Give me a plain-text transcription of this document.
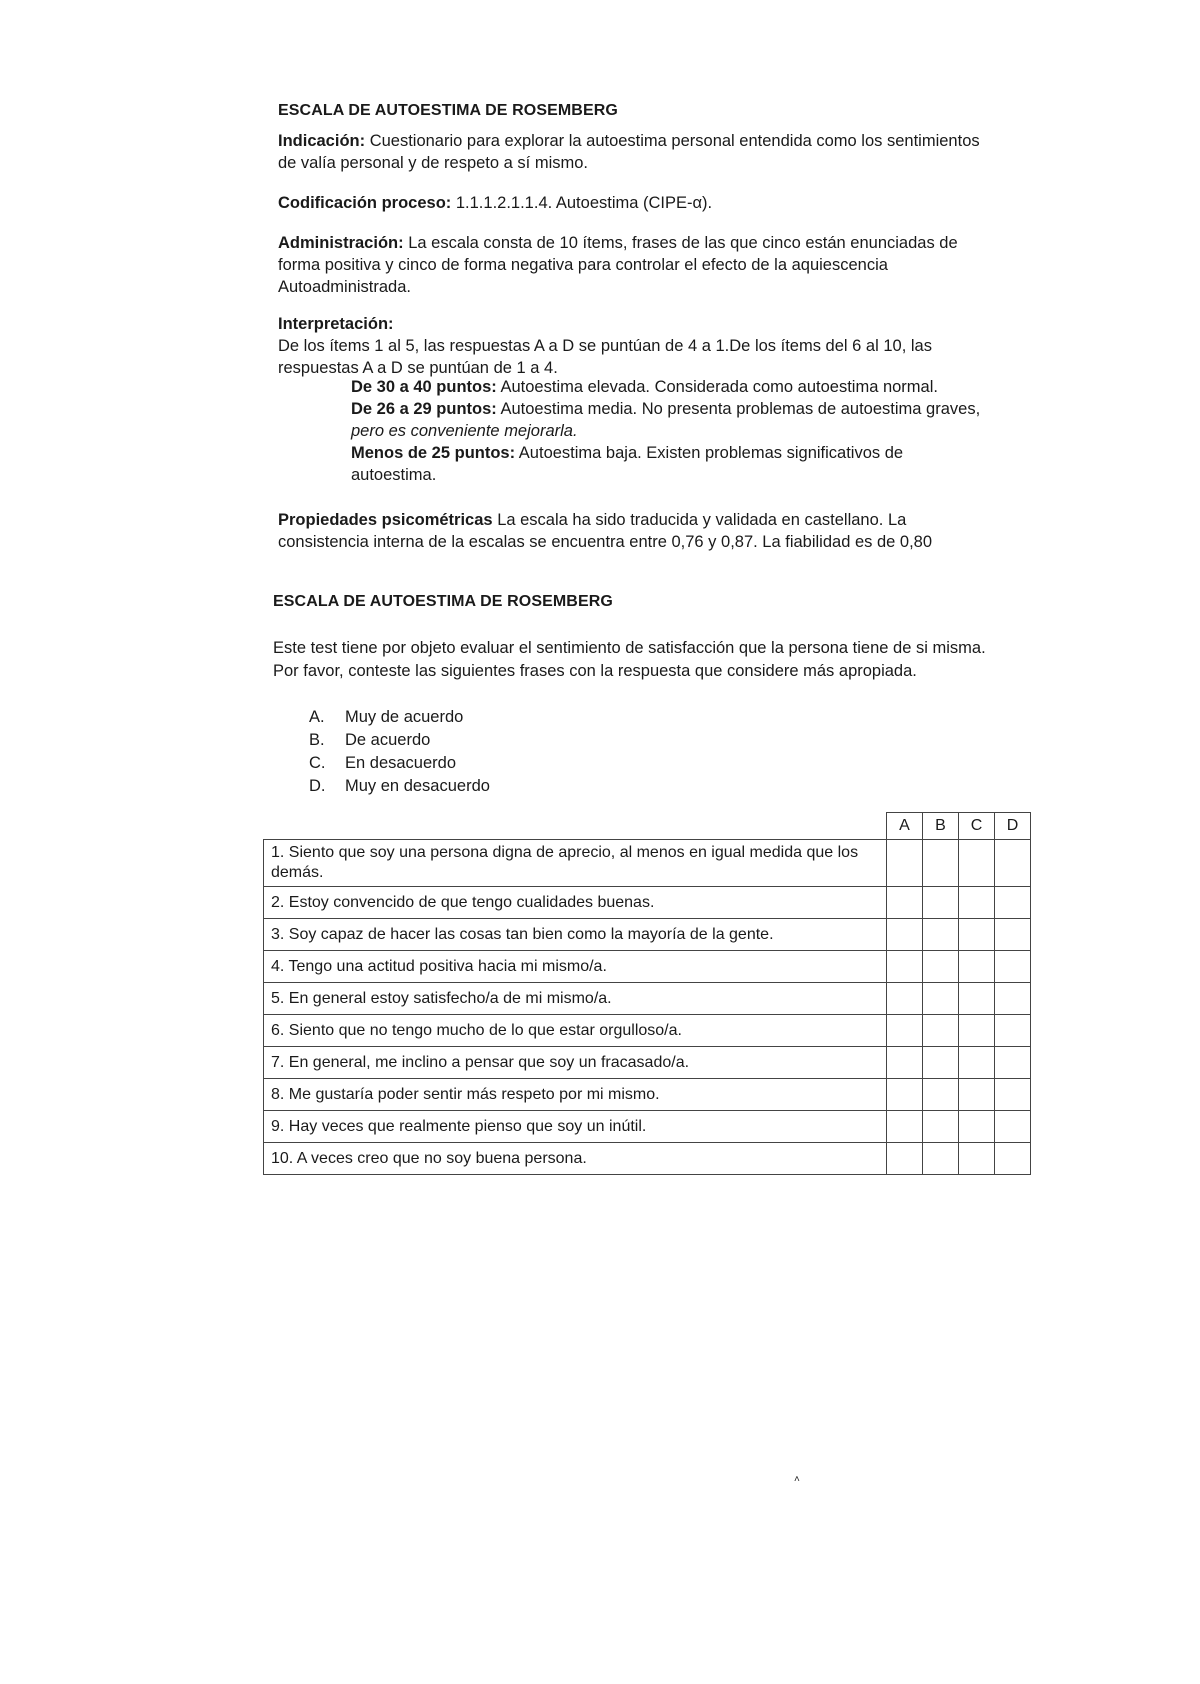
ESCALA DE AUTOESTIMA DE ROSEMBERG

Indicación: Cuestionario para explorar la autoestima personal entendida como los sentimientos

de valía personal y de respeto a sí mismo.

Codificación proceso: 1.1.1.2.1.1.4. Autoestima (CIPE-α).

Administración: La escala consta de 10 ítems, frases de las que cinco están enunciadas de

forma positiva y cinco de forma negativa para controlar el efecto de la aquiescencia

Autoadministrada.

Interpretación:

De los ítems 1 al 5, las respuestas A a D se puntúan de 4 a 1.De los ítems del 6 al 10, las

respuestas A a D se puntúan de 1 a 4.

De 30 a 40 puntos: Autoestima elevada. Considerada como autoestima normal.

De 26 a 29 puntos: Autoestima media. No presenta problemas de autoestima graves,

pero es conveniente mejorarla.

Menos de 25 puntos: Autoestima baja. Existen problemas significativos de

autoestima.

Propiedades psicométricas La escala ha sido traducida y validada en castellano. La

consistencia interna de la escalas se encuentra entre 0,76 y 0,87. La fiabilidad es de 0,80

ESCALA DE AUTOESTIMA DE ROSEMBERG

Este test tiene por objeto evaluar el sentimiento de satisfacción que la persona tiene de si misma.

Por favor, conteste las siguientes frases con la respuesta que considere más apropiada.

A. Muy de acuerdo

B. De acuerdo

C. En desacuerdo

D. Muy en desacuerdo

	A	B	C	D
1. Siento que soy una persona digna de aprecio, al menos en igual medida que los demás.				
2. Estoy convencido de que tengo cualidades buenas.				
3. Soy capaz de hacer las cosas tan bien como la mayoría de la gente.				
4. Tengo una actitud positiva hacia mi mismo/a.				
5. En general estoy satisfecho/a de mi mismo/a.				
6. Siento que no tengo mucho de lo que estar orgulloso/a.				
7. En general, me inclino a pensar que soy un fracasado/a.				
8. Me gustaría poder sentir más respeto por mi mismo.				
9. Hay veces que realmente pienso que soy un inútil.				
10. A veces creo que no soy buena persona.				
˄
